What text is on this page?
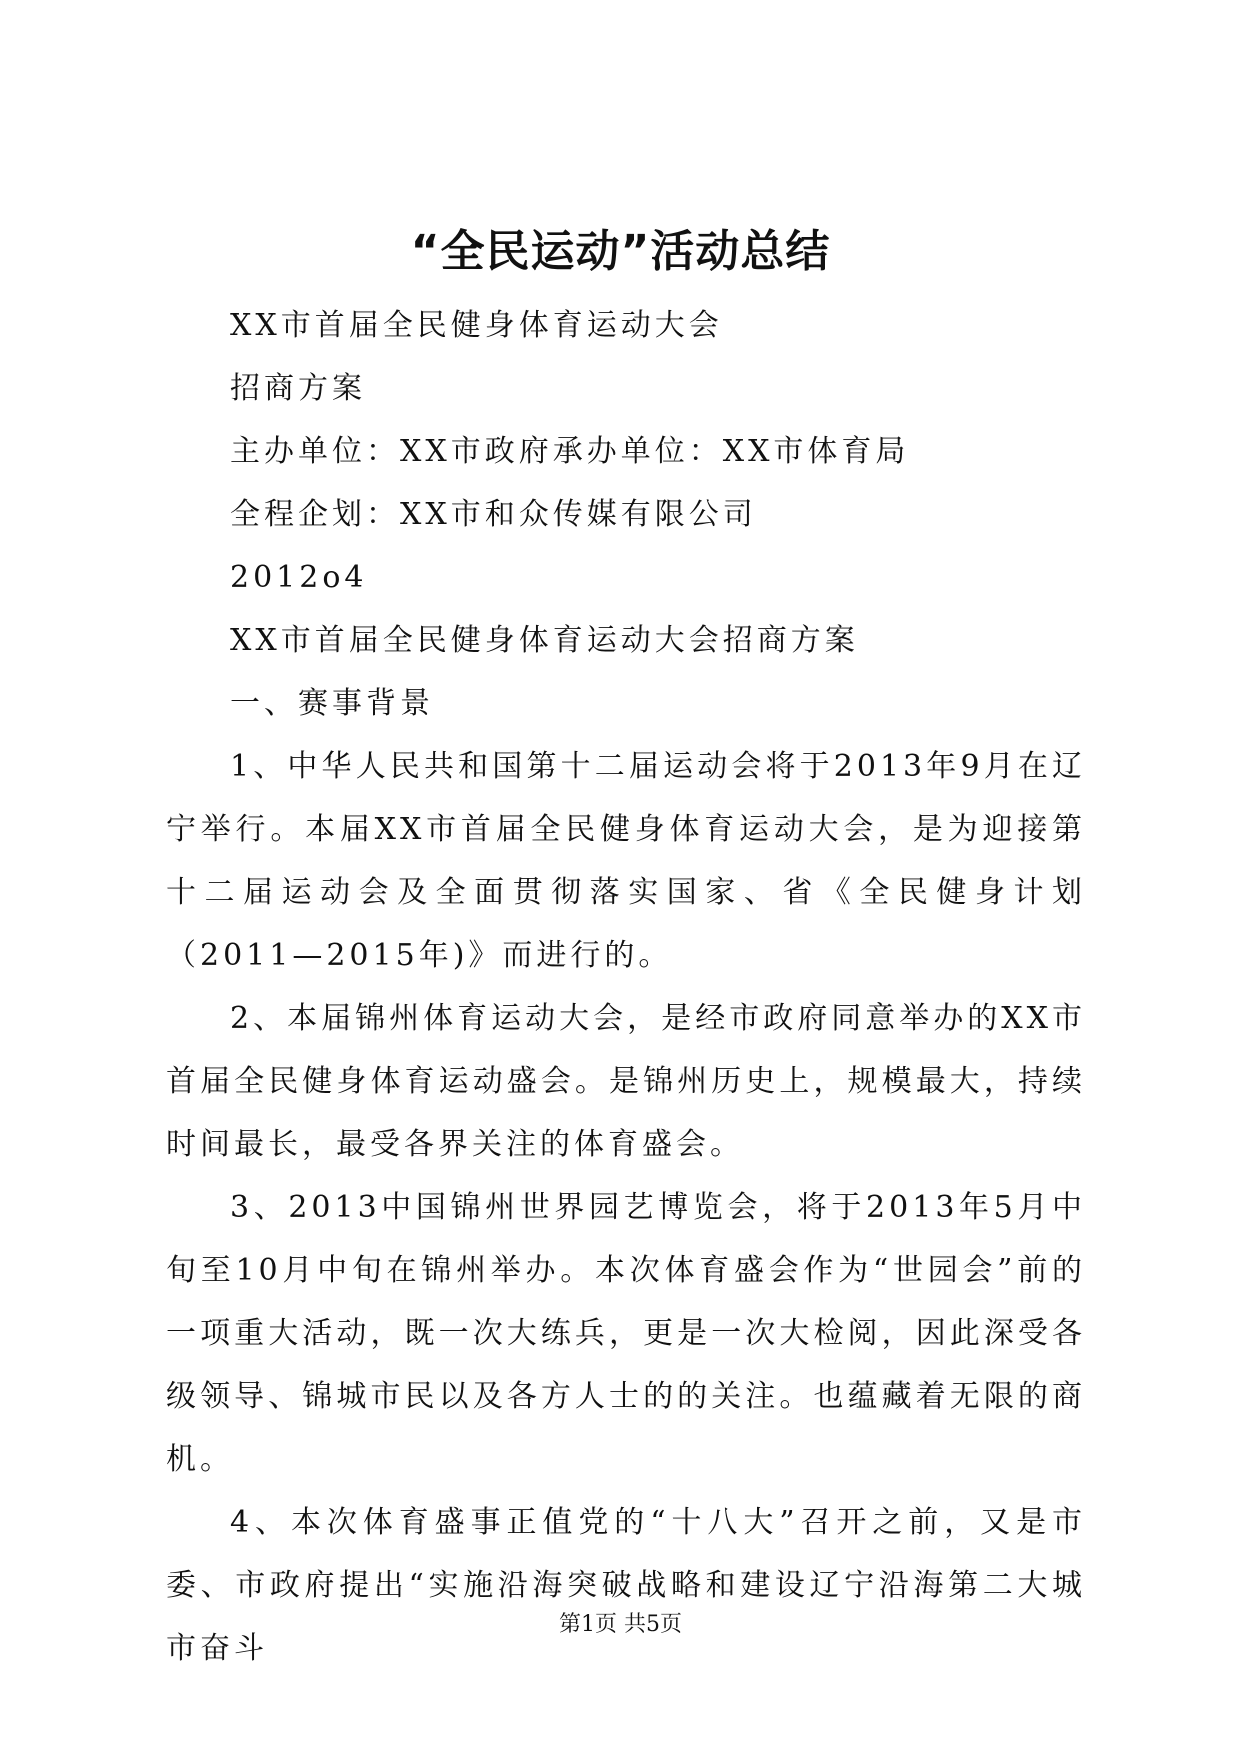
“全民运动”活动总结

XX市首届全民健身体育运动大会

招商方案

主办单位：XX市政府承办单位：XX市体育局

全程企划：XX市和众传媒有限公司

2012o4

XX市首届全民健身体育运动大会招商方案

一、赛事背景

1、中华人民共和国第十二届运动会将于2013年9月在辽宁举行。本届XX市首届全民健身体育运动大会，是为迎接第十二届运动会及全面贯彻落实国家、省《全民健身计划（2011—2015年)》而进行的。

2、本届锦州体育运动大会，是经市政府同意举办的XX市首届全民健身体育运动盛会。是锦州历史上，规模最大，持续时间最长，最受各界关注的体育盛会。

3、2013中国锦州世界园艺博览会，将于2013年5月中旬至10月中旬在锦州举办。本次体育盛会作为“世园会”前的一项重大活动，既一次大练兵，更是一次大检阅，因此深受各级领导、锦城市民以及各方人士的的关注。也蕴藏着无限的商机。

4、本次体育盛事正值党的“十八大”召开之前，又是市委、市政府提出“实施沿海突破战略和建设辽宁沿海第二大城市奋斗

第1页 共5页
